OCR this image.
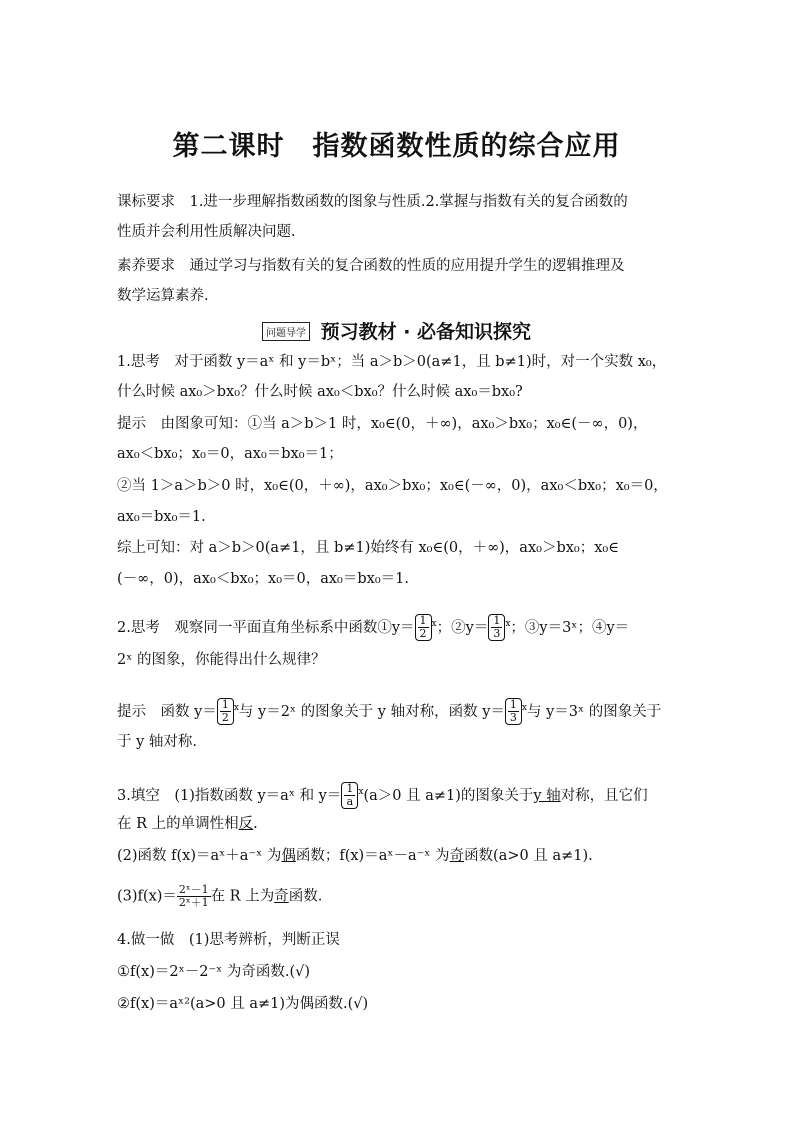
第二课时　指数函数性质的综合应用
课标要求　1.进一步理解指数函数的图象与性质.2.掌握与指数有关的复合函数的
性质并会利用性质解决问题.
素养要求　通过学习与指数有关的复合函数的性质的应用提升学生的逻辑推理及
数学运算素养.
问题导学 预习教材 · 必备知识探究
1.思考　对于函数 y＝aˣ 和 y＝bˣ；当 a＞b＞0(a≠1，且 b≠1)时，对一个实数 x₀，
什么时候 ax₀＞bx₀？什么时候 ax₀＜bx₀？什么时候 ax₀＝bx₀?
提示　由图象可知：①当 a＞b＞1 时，x₀∈(0，＋∞)，ax₀＞bx₀；x₀∈(－∞，0)，
ax₀＜bx₀；x₀＝0，ax₀＝bx₀＝1；
②当 1＞a＞b＞0 时，x₀∈(0，＋∞)，ax₀＞bx₀；x₀∈(－∞，0)，ax₀＜bx₀；x₀＝0，
ax₀＝bx₀＝1.
综上可知：对 a＞b＞0(a≠1，且 b≠1)始终有 x₀∈(0，＋∞)，ax₀＞bx₀；x₀∈
(－∞，0)，ax₀＜bx₀；x₀＝0，ax₀＝bx₀＝1.
2.思考　观察同一平面直角坐标系中函数①y＝ $\frac{1}{2} ^x$；②y＝ $\frac{1}{3} ^x$；③y＝3ˣ；④y＝
2ˣ 的图象，你能得出什么规律？
提示　函数 $y= \frac{1}{2} ^x$与 y＝2ˣ 的图象关于 y 轴对称，函数 $y= \frac{1}{3} ^x$与 y＝3ˣ 的图象关于
于 y 轴对称.
3.填空　(1)指数函数 y＝aˣ 和 $y= \frac{1}{a} ^x(a>0$ 且 a≠1)的图象关于y 轴对称，且它们
在 R 上的单调性相反.
(2)函数 f(x)＝aˣ＋a⁻ˣ 为偶函数；f(x)＝aˣ－a⁻ˣ 为奇函数(a>0 且 a≠1).
$(3)f(x)= \frac{\text{2ˣ－1}}{\text{2ˣ＋1}}$ 在 R 上为奇函数.
4.做一做　(1)思考辨析，判断正误
①f(x)＝2ˣ－2⁻ˣ 为奇函数.(√)
②f(x)＝aˣ²(a>0 且 a≠1)为偶函数.(√)
